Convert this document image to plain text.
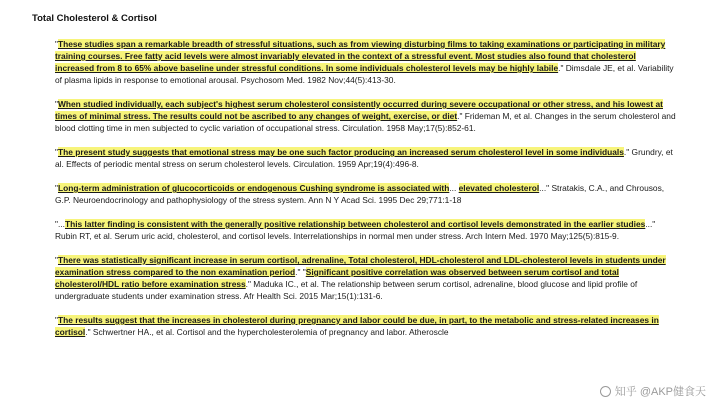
Total Cholesterol & Cortisol

"These studies span a remarkable breadth of stressful situations, such as from viewing disturbing films to taking examinations or participating in military training courses. Free fatty acid levels were almost invariably elevated in the context of a stressful event. Most studies also found that cholesterol increased from 8 to 65% above baseline under stressful conditions. In some individuals cholesterol levels may be highly labile." Dimsdale JE, et al. Variability of plasma lipids in response to emotional arousal. Psychosom Med. 1982 Nov;44(5):413-30.

"When studied individually, each subject's highest serum cholesterol consistently occurred during severe occupational or other stress, and his lowest at times of minimal stress. The results could not be ascribed to any changes of weight, exercise, or diet." Frideman M, et al. Changes in the serum cholesterol and blood clotting time in men subjected to cyclic variation of occupational stress. Circulation. 1958 May;17(5):852-61.

"The present study suggests that emotional stress may be one such factor producing an increased serum cholesterol level in some individuals." Grundry, et al. Effects of periodic mental stress on serum cholesterol levels. Circulation. 1959 Apr;19(4):496-8.

"Long-term administration of glucocorticoids or endogenous Cushing syndrome is associated with... elevated cholesterol..." Stratakis, C.A., and Chrousos, G.P. Neuroendocrinology and pathophysiology of the stress system. Ann N Y Acad Sci. 1995 Dec 29;771:1-18

"...This latter finding is consistent with the generally positive relationship between cholesterol and cortisol levels demonstrated in the earlier studies..." Rubin RT, et al. Serum uric acid, cholesterol, and cortisol levels. Interrelationships in normal men under stress. Arch Intern Med. 1970 May;125(5):815-9.

"There was statistically significant increase in serum cortisol, adrenaline, Total cholesterol, HDL-cholesterol and LDL-cholesterol levels in students under examination stress compared to the non examination period." "Significant positive correlation was observed between serum cortisol and total cholesterol/HDL ratio before examination stress." Maduka IC., et al. The relationship between serum cortisol, adrenaline, blood glucose and lipid profile of undergraduate students under examination stress. Afr Health Sci. 2015 Mar;15(1):131-6.

"The results suggest that the increases in cholesterol during pregnancy and labor could be due, in part, to the metabolic and stress-related increases in cortisol." Schwertner HA., et al. Cortisol and the hypercholesterolemia of pregnancy and labor. Atheroscle

知乎 @AKP健食天
